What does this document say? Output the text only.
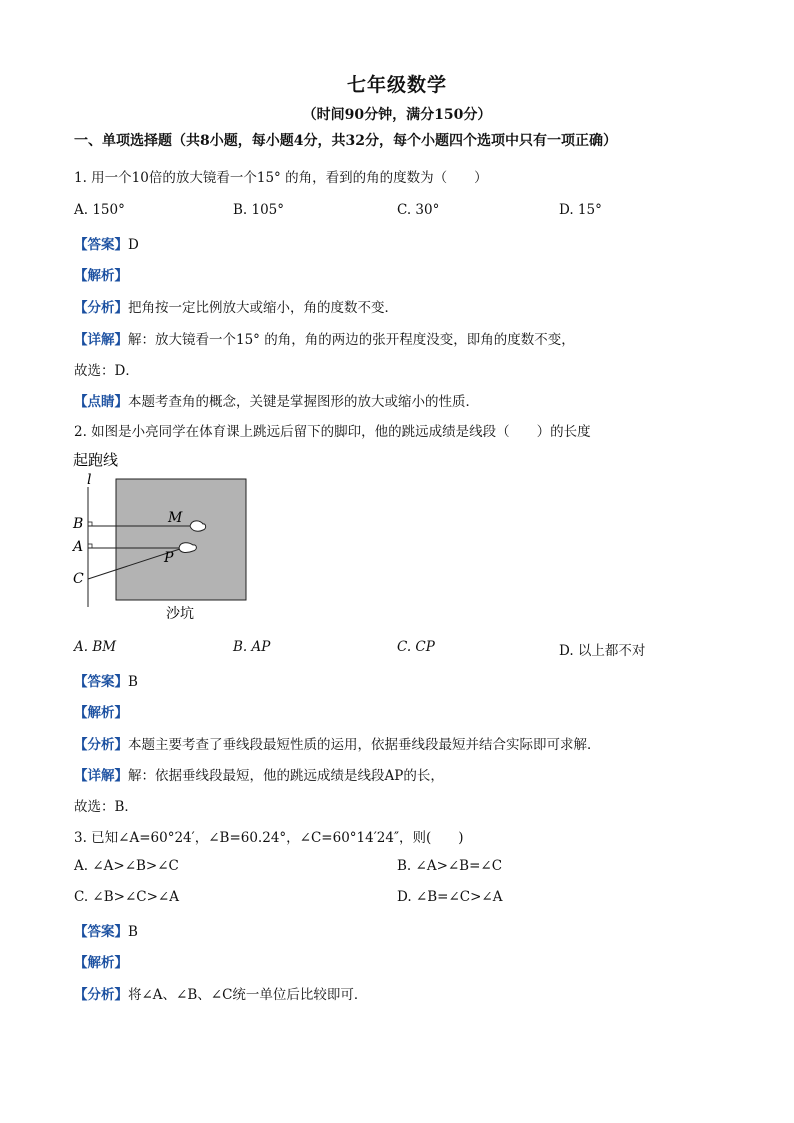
七年级数学
（时间90分钟，满分150分）
一、单项选择题（共8小题，每小题4分，共32分，每个小题四个选项中只有一项正确）
1. 用一个10倍的放大镜看一个15° 的角，看到的角的度数为（　　）
A. 150°	B. 105°	C. 30°	D. 15°
【答案】D
【解析】
【分析】把角按一定比例放大或缩小，角的度数不变．
【详解】解：放大镜看一个15° 的角，角的两边的张开程度没变，即角的度数不变，
故选：D．
【点睛】本题考查角的概念，关键是掌握图形的放大或缩小的性质．
2. 如图是小亮同学在体育课上跳远后留下的脚印，他的跳远成绩是线段（　　）的长度
起跑线
l
M
P
B
A
C
沙坑
A. BM	B. AP	C. CP	D. 以上都不对
【答案】B
【解析】
【分析】本题主要考查了垂线段最短性质的运用，依据垂线段最短并结合实际即可求解．
【详解】解：依据垂线段最短，他的跳远成绩是线段AP的长，
故选：B．
3. 已知∠A=60°24′，∠B=60.24°，∠C=60°14′24″，则(　　)
A. ∠A>∠B>∠C	B. ∠A>∠B=∠C
C. ∠B>∠C>∠A	D. ∠B=∠C>∠A
【答案】B
【解析】
【分析】将∠A、∠B、∠C统一单位后比较即可．
